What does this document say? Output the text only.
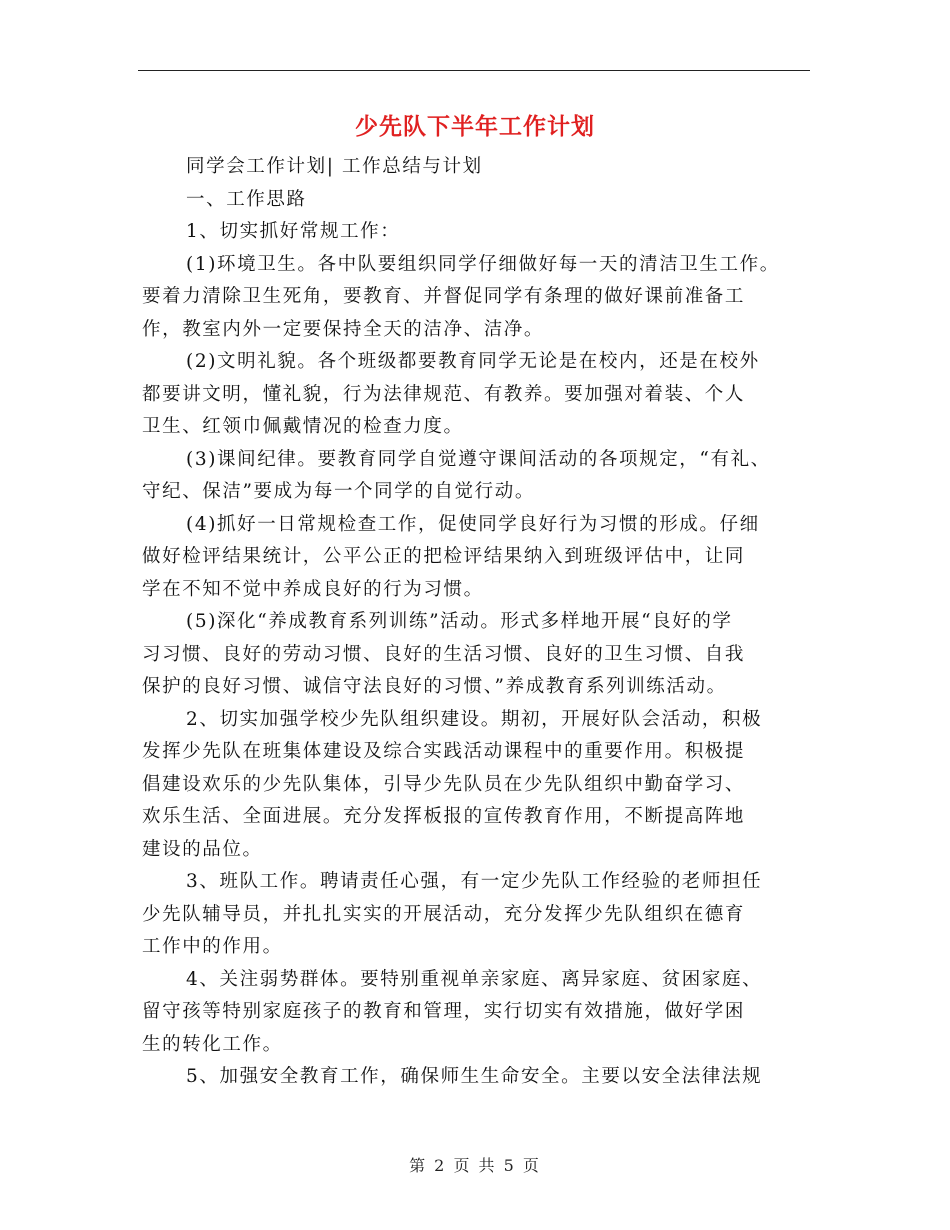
少先队下半年工作计划
同学会工作计划| 工作总结与计划
一、工作思路
1、切实抓好常规工作：
(1)环境卫生。各中队要组织同学仔细做好每一天的清洁卫生工作。
要着力清除卫生死角，要教育、并督促同学有条理的做好课前准备工
作，教室内外一定要保持全天的洁净、洁净。
(2)文明礼貌。各个班级都要教育同学无论是在校内，还是在校外
都要讲文明，懂礼貌，行为法律规范、有教养。要加强对着装、个人
卫生、红领巾佩戴情况的检查力度。
(3)课间纪律。要教育同学自觉遵守课间活动的各项规定，“有礼、
守纪、保洁”要成为每一个同学的自觉行动。
(4)抓好一日常规检查工作，促使同学良好行为习惯的形成。仔细
做好检评结果统计，公平公正的把检评结果纳入到班级评估中，让同
学在不知不觉中养成良好的行为习惯。
(5)深化“养成教育系列训练”活动。形式多样地开展“良好的学
习习惯、良好的劳动习惯、良好的生活习惯、良好的卫生习惯、自我
保护的良好习惯、诚信守法良好的习惯、”养成教育系列训练活动。
2、切实加强学校少先队组织建设。期初，开展好队会活动，积极
发挥少先队在班集体建设及综合实践活动课程中的重要作用。积极提
倡建设欢乐的少先队集体，引导少先队员在少先队组织中勤奋学习、
欢乐生活、全面进展。充分发挥板报的宣传教育作用，不断提高阵地
建设的品位。
3、班队工作。聘请责任心强，有一定少先队工作经验的老师担任
少先队辅导员，并扎扎实实的开展活动，充分发挥少先队组织在德育
工作中的作用。
4、关注弱势群体。要特别重视单亲家庭、离异家庭、贫困家庭、
留守孩等特别家庭孩子的教育和管理，实行切实有效措施，做好学困
生的转化工作。
5、加强安全教育工作，确保师生生命安全。主要以安全法律法规
第 2 页 共 5 页
